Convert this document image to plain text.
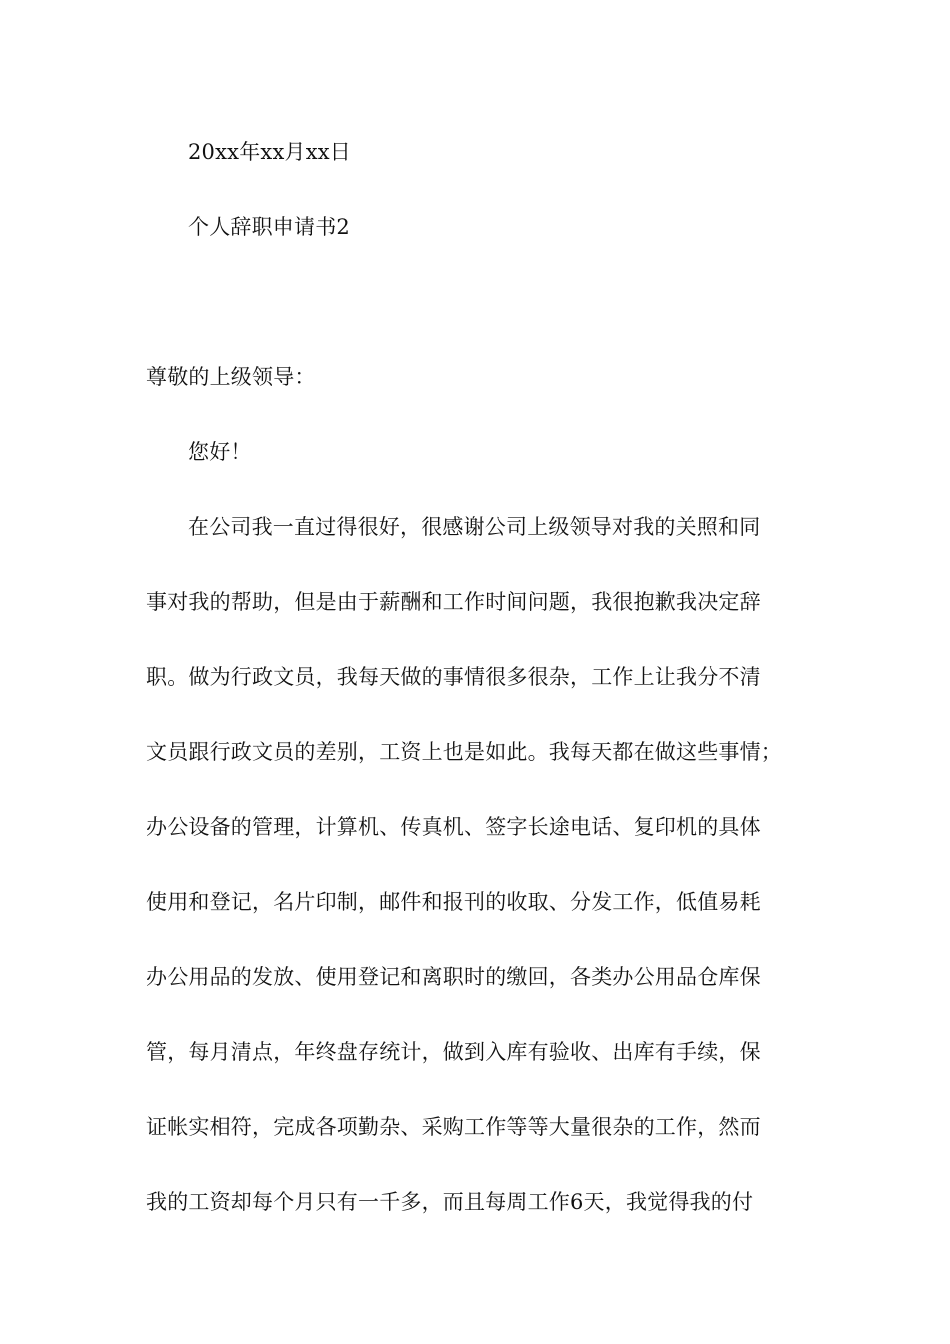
20xx年xx月xx日
个人辞职申请书2
尊敬的上级领导：
您好！
在公司我一直过得很好，很感谢公司上级领导对我的关照和同
事对我的帮助，但是由于薪酬和工作时间问题，我很抱歉我决定辞
职。做为行政文员，我每天做的事情很多很杂，工作上让我分不清
文员跟行政文员的差别，工资上也是如此。我每天都在做这些事情；
办公设备的管理，计算机、传真机、签字长途电话、复印机的具体
使用和登记，名片印制，邮件和报刊的收取、分发工作，低值易耗
办公用品的发放、使用登记和离职时的缴回，各类办公用品仓库保
管，每月清点，年终盘存统计，做到入库有验收、出库有手续，保
证帐实相符，完成各项勤杂、采购工作等等大量很杂的工作，然而
我的工资却每个月只有一千多，而且每周工作6天，我觉得我的付
